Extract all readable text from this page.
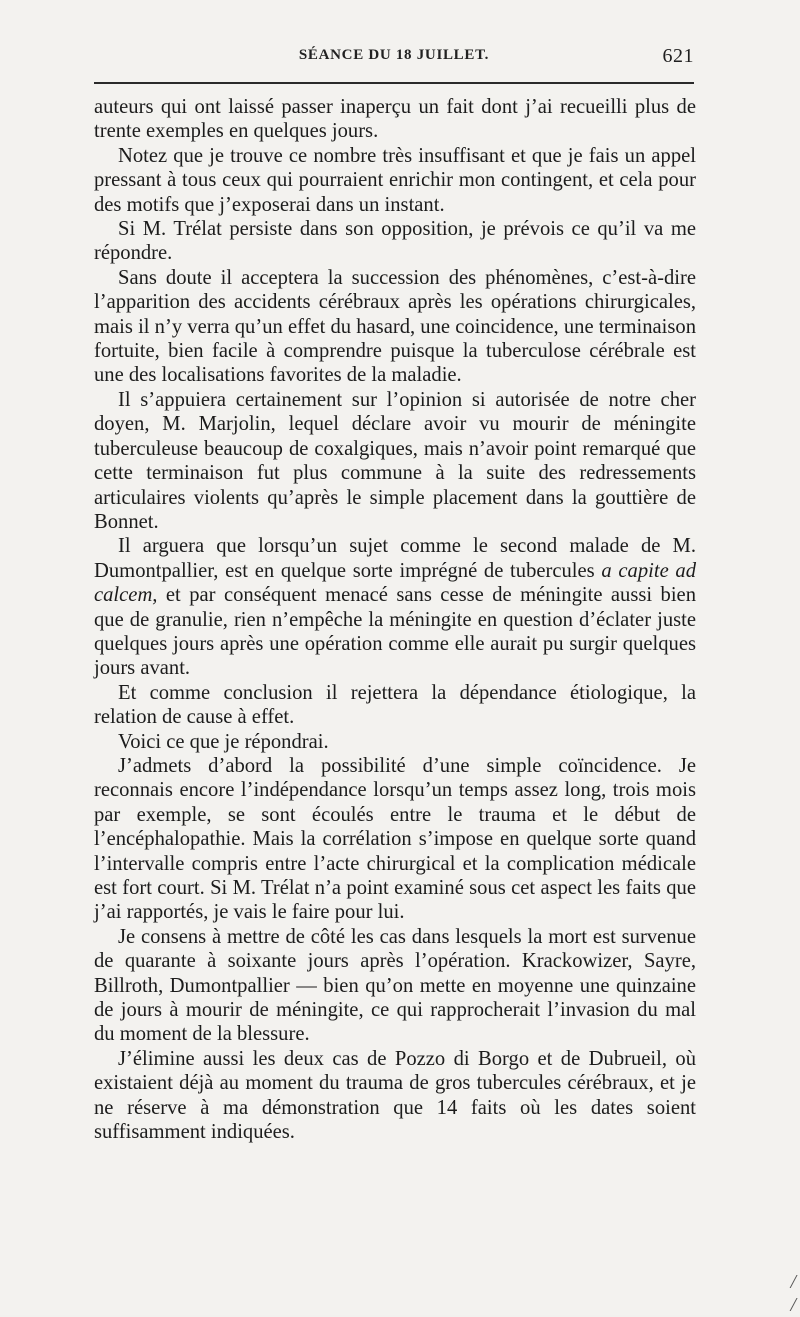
SÉANCE DU 18 JUILLET.	621

auteurs qui ont laissé passer inaperçu un fait dont j’ai recueilli plus de trente exemples en quelques jours.

Notez que je trouve ce nombre très insuffisant et que je fais un appel pressant à tous ceux qui pourraient enrichir mon contingent, et cela pour des motifs que j’exposerai dans un instant.

Si M. Trélat persiste dans son opposition, je prévois ce qu’il va me répondre.

Sans doute il acceptera la succession des phénomènes, c’est-à-dire l’apparition des accidents cérébraux après les opérations chirurgicales, mais il n’y verra qu’un effet du hasard, une coincidence, une terminaison fortuite, bien facile à comprendre puisque la tuberculose cérébrale est une des localisations favorites de la maladie.

Il s’appuiera certainement sur l’opinion si autorisée de notre cher doyen, M. Marjolin, lequel déclare avoir vu mourir de méningite tuberculeuse beaucoup de coxalgiques, mais n’avoir point remarqué que cette terminaison fut plus commune à la suite des redressements articulaires violents qu’après le simple placement dans la gouttière de Bonnet.

Il arguera que lorsqu’un sujet comme le second malade de M. Dumontpallier, est en quelque sorte imprégné de tubercules a capite ad calcem, et par conséquent menacé sans cesse de méningite aussi bien que de granulie, rien n’empêche la méningite en question d’éclater juste quelques jours après une opération comme elle aurait pu surgir quelques jours avant.

Et comme conclusion il rejettera la dépendance étiologique, la relation de cause à effet.

Voici ce que je répondrai.

J’admets d’abord la possibilité d’une simple coïncidence. Je reconnais encore l’indépendance lorsqu’un temps assez long, trois mois par exemple, se sont écoulés entre le trauma et le début de l’encéphalopathie. Mais la corrélation s’impose en quelque sorte quand l’intervalle compris entre l’acte chirurgical et la complication médicale est fort court. Si M. Trélat n’a point examiné sous cet aspect les faits que j’ai rapportés, je vais le faire pour lui.

Je consens à mettre de côté les cas dans lesquels la mort est survenue de quarante à soixante jours après l’opération. Krackowizer, Sayre, Billroth, Dumontpallier — bien qu’on mette en moyenne une quinzaine de jours à mourir de méningite, ce qui rapprocherait l’invasion du mal du moment de la blessure.

J’élimine aussi les deux cas de Pozzo di Borgo et de Dubrueil, où existaient déjà au moment du trauma de gros tubercules cérébraux, et je ne réserve à ma démonstration que 14 faits où les dates soient suffisamment indiquées.

/
/
